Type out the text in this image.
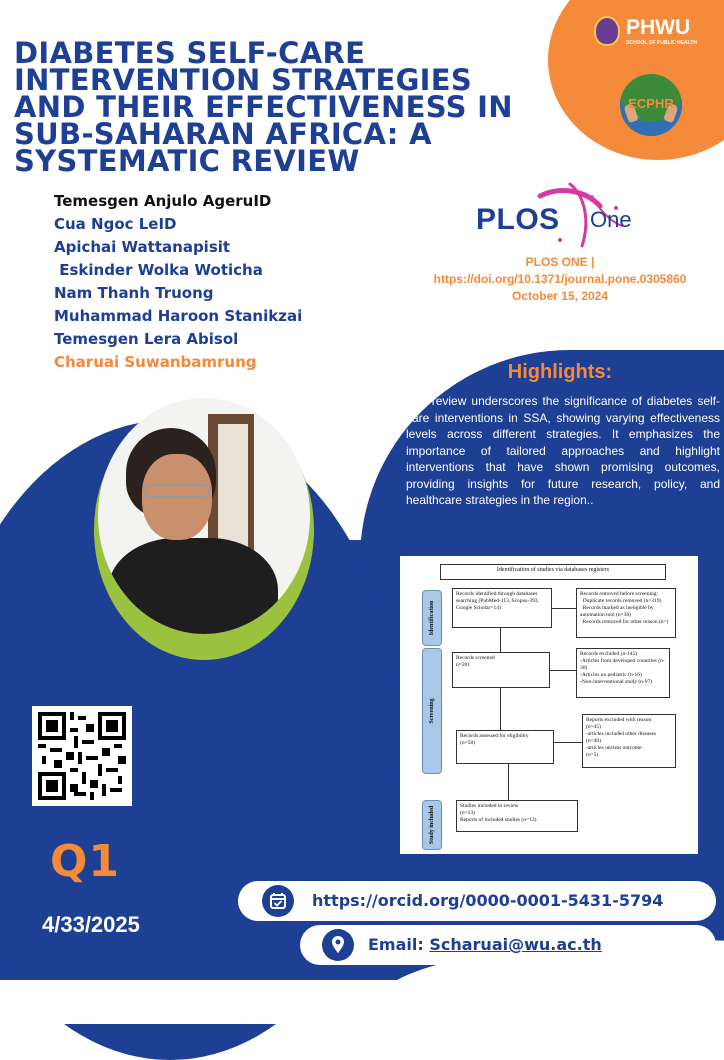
PHWU
SCHOOL OF PUBLIC HEALTH
ECPHR
DIABETES SELF-CARE INTERVENTION STRATEGIES AND THEIR EFFECTIVENESS IN SUB-SAHARAN AFRICA: A SYSTEMATIC REVIEW
Temesgen Anjulo AgeruID
Cua Ngoc LeID
Apichai Wattanapisit
Eskinder Wolka Woticha
Nam Thanh Truong
Muhammad Haroon Stanikzai
Temesgen Lera Abisol
Charuai Suwanbamrung
PLOS One
PLOS ONE |
https://doi.org/10.1371/journal.pone.0305860
October 15, 2024
Highlights:
• The review underscores the significance of diabetes self-care interventions in SSA, showing varying effectiveness levels across different strategies. It emphasizes the importance of tailored approaches and highlight interventions that have shown promising outcomes, providing insights for future research, policy, and healthcare strategies in the region..
Identification of studies via databases registers
Identification
Screening
Study included
Records identified through databases searching (PubMed-113, Scopus-393, Google Scholar=14)
Records removed before screening:
Duplicate records removed (n=319)
Records marked as ineligible by automation tool (n=30)
Records removed for other reason (n=)
Records screened
n=201
Records excluded (n-145)
-Articles from developed countries (n-30)
-Articles on pediatric (n-16)
-Non-interventional study (n-97)
Records assessed for eligibility
(n=58)
Reports excluded with reason
(n=45)
-articles included other diseases (n=40)
-articles unclear outcome
(n=5)
Studies included in review
(n=13)
Reports of included studies (n=13)
Q1
4/33/2025
https://orcid.org/0000-0001-5431-5794
Email: Scharuai@wu.ac.th
